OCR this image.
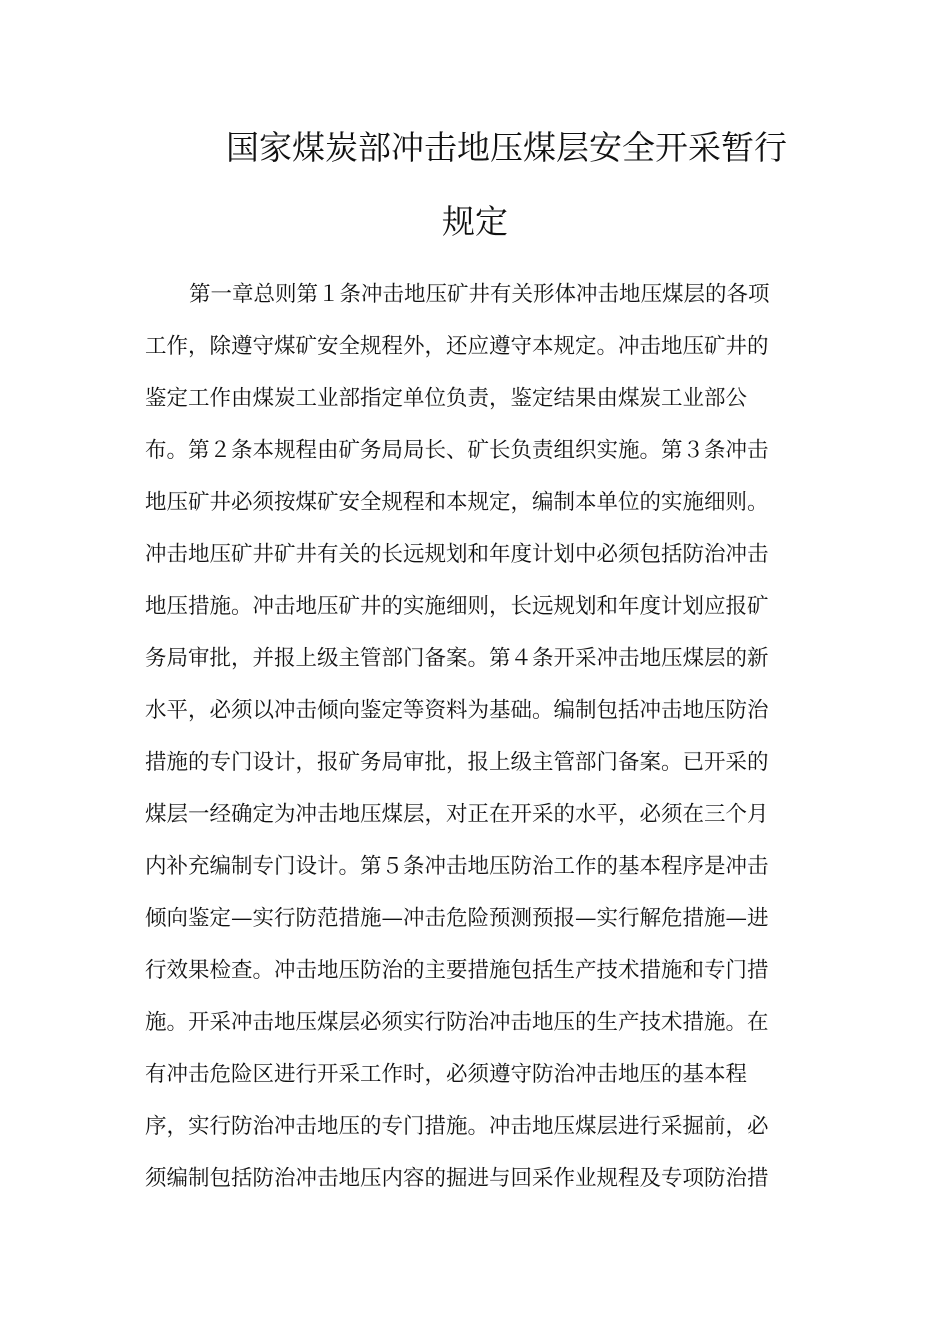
国家煤炭部冲击地压煤层安全开采暂行
规定
第一章总则第１条冲击地压矿井有关形体冲击地压煤层的各项
工作，除遵守煤矿安全规程外，还应遵守本规定。冲击地压矿井的
鉴定工作由煤炭工业部指定单位负责，鉴定结果由煤炭工业部公
布。第２条本规程由矿务局局长、矿长负责组织实施。第３条冲击
地压矿井必须按煤矿安全规程和本规定，编制本单位的实施细则。
冲击地压矿井矿井有关的长远规划和年度计划中必须包括防治冲击
地压措施。冲击地压矿井的实施细则，长远规划和年度计划应报矿
务局审批，并报上级主管部门备案。第４条开采冲击地压煤层的新
水平，必须以冲击倾向鉴定等资料为基础。编制包括冲击地压防治
措施的专门设计，报矿务局审批，报上级主管部门备案。已开采的
煤层一经确定为冲击地压煤层，对正在开采的水平，必须在三个月
内补充编制专门设计。第５条冲击地压防治工作的基本程序是冲击
倾向鉴定—实行防范措施—冲击危险预测预报—实行解危措施—进
行效果检查。冲击地压防治的主要措施包括生产技术措施和专门措
施。开采冲击地压煤层必须实行防治冲击地压的生产技术措施。在
有冲击危险区进行开采工作时，必须遵守防治冲击地压的基本程
序，实行防治冲击地压的专门措施。冲击地压煤层进行采掘前，必
须编制包括防治冲击地压内容的掘进与回采作业规程及专项防治措
